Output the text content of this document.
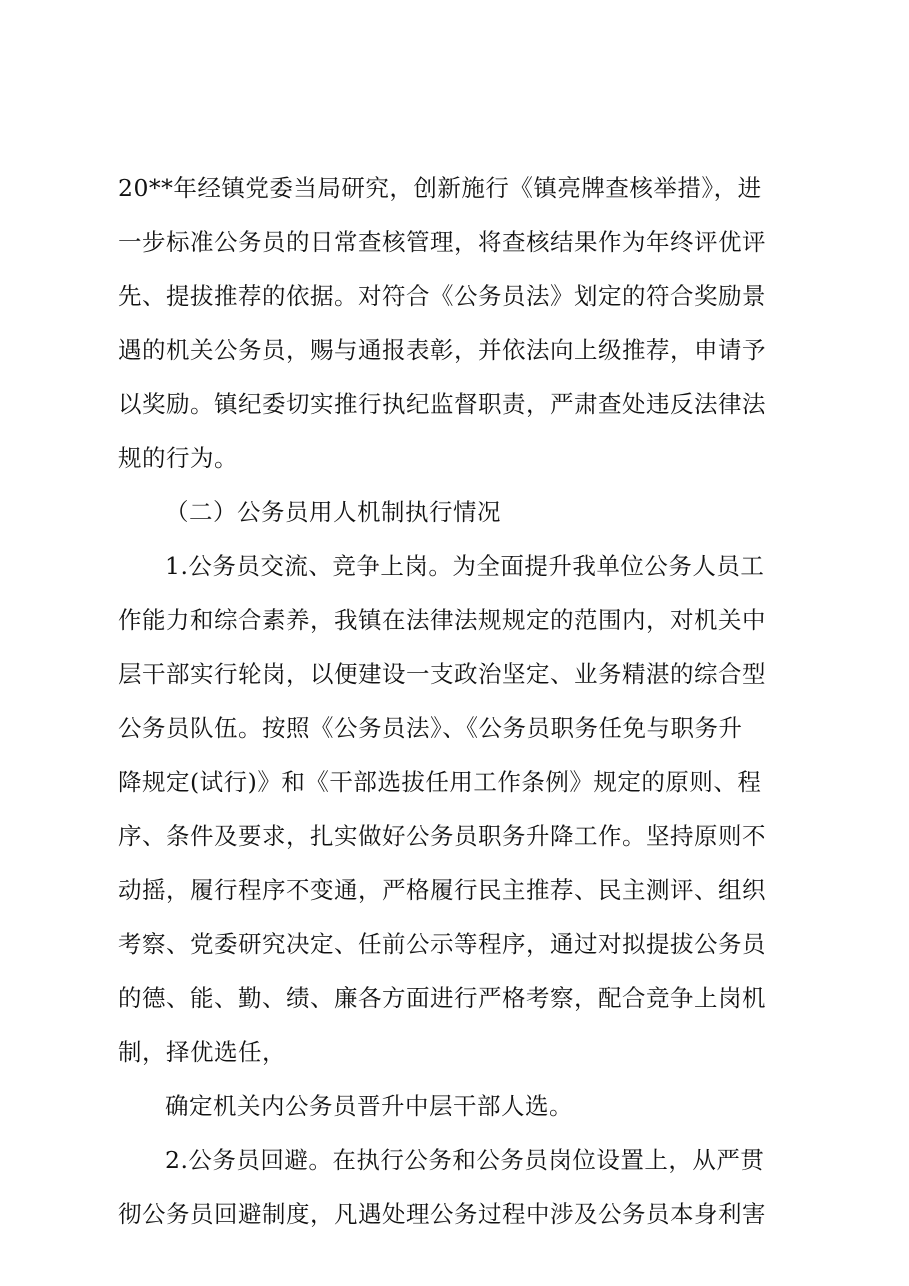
20**年经镇党委当局研究，创新施行《镇亮牌查核举措》，进
一步标准公务员的日常查核管理，将查核结果作为年终评优评
先、提拔推荐的依据。对符合《公务员法》划定的符合奖励景
遇的机关公务员，赐与通报表彰，并依法向上级推荐，申请予
以奖励。镇纪委切实推行执纪监督职责，严肃查处违反法律法
规的行为。
（二）公务员用人机制执行情况
1.公务员交流、竞争上岗。为全面提升我单位公务人员工
作能力和综合素养，我镇在法律法规规定的范围内，对机关中
层干部实行轮岗，以便建设一支政治坚定、业务精湛的综合型
公务员队伍。按照《公务员法》、《公务员职务任免与职务升
降规定(试行)》和《干部选拔任用工作条例》规定的原则、程
序、条件及要求，扎实做好公务员职务升降工作。坚持原则不
动摇，履行程序不变通，严格履行民主推荐、民主测评、组织
考察、党委研究决定、任前公示等程序，通过对拟提拔公务员
的德、能、勤、绩、廉各方面进行严格考察，配合竞争上岗机
制，择优选任，
确定机关内公务员晋升中层干部人选。
2.公务员回避。在执行公务和公务员岗位设置上，从严贯
彻公务员回避制度，凡遇处理公务过程中涉及公务员本身利害
